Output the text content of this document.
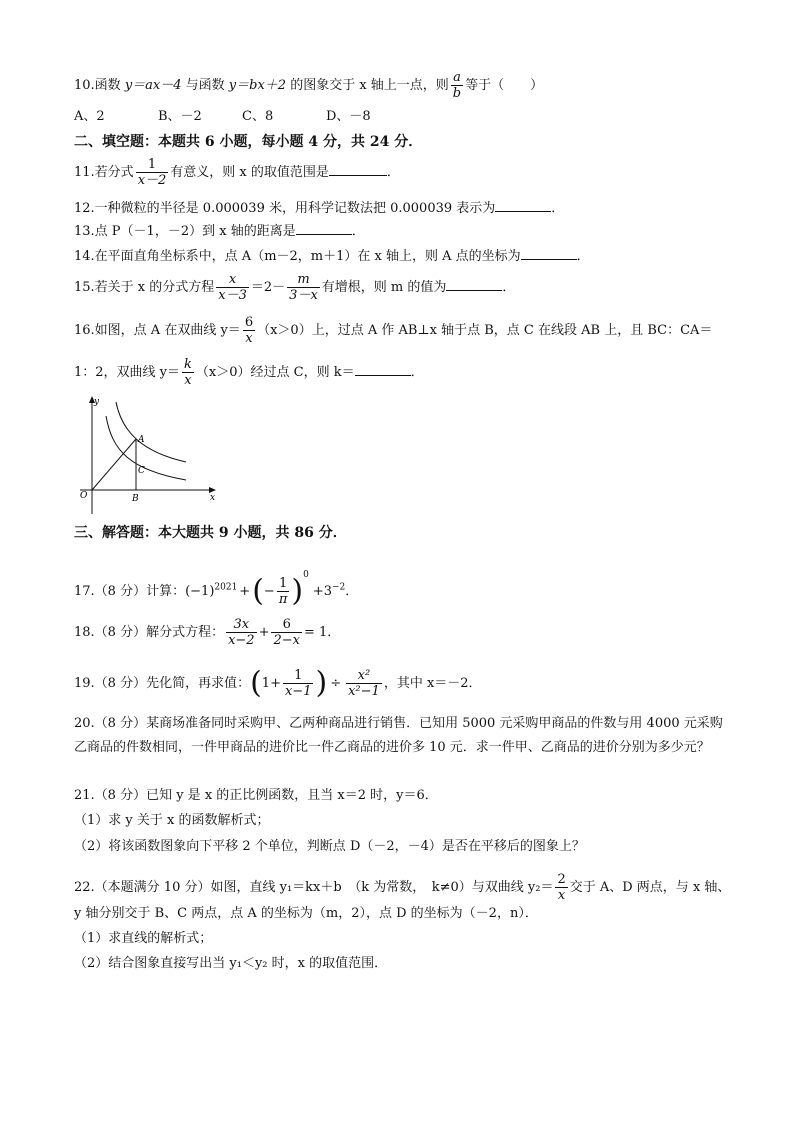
10.函数 y＝ax－4 与函数 y＝bx＋2 的图象交于 x 轴上一点，则 $\frac{a}{b}$ 等于（　　）
A、2	B、－2	C、8	D、－8
二、填空题：本题共 6 小题，每小题 4 分，共 24 分．
11.若分式 $\frac{1}{x-2}$ 有意义，则 x 的取值范围是	．
12.一种微粒的半径是 0.000039 米，用科学记数法把 0.000039 表示为	．
13.点 P（－1，－2）到 x 轴的距离是	．
14.在平面直角坐标系中，点 A（m－2，m＋1）在 x 轴上，则 A 点的坐标为	．
15.若关于 x 的分式方程 $\frac{x}{x-3} =2- \frac{m}{3-x}$ 有增根，则 m 的值为	．
16.如图，点 A 在双曲线 $y= \frac{6}{x} (x>0)$上，过点 A 作 AB⊥x 轴于点 B，点 C 在线段 AB 上，且 BC：CA＝
1：2，双曲线 $y= \frac{k}{x} (x>0)$经过点 C，则 k＝	．
y
x
O
A
B
C
三、解答题：本大题共 9 小题，共 86 分．
17.（8 分）计算：$(-1)^{2021}$ +(− $\frac{1}{\pi} )^0+3^{-2}$．
18.（8 分）解分式方程： $\frac{3x}{x-2} + \frac{6}{2-x} = 1$．
19.（8 分）先化简，再求值：($1+ \frac{1}{x-1}$ ) ÷ $\frac{\text{x²}}{\text{x²−1}}$ ，其中 x＝－2．
20.（8 分）某商场准备同时采购甲、乙两种商品进行销售．已知用 5000 元采购甲商品的件数与用 4000 元采购乙商品的件数相同，一件甲商品的进价比一件乙商品的进价多 10 元．求一件甲、乙商品的进价分别为多少元？
21.（8 分）已知 y 是 x 的正比例函数，且当 x＝2 时，y＝6．
（1）求 y 关于 x 的函数解析式；
（2）将该函数图象向下平移 2 个单位，判断点 D（－2，－4）是否在平移后的图象上？
22.（本题满分 10 分）如图，直线 y₁＝kx＋b　（k 为常数，　k≠0）与双曲线 $y_2= \frac{2}{x}$ 交于 A、D 两点，与 x 轴、
y 轴分别交于 B、C 两点，点 A 的坐标为（m，2），点 D 的坐标为（－2，n）．
（1）求直线的解析式；
（2）结合图象直接写出当 y₁＜y₂ 时，x 的取值范围．
